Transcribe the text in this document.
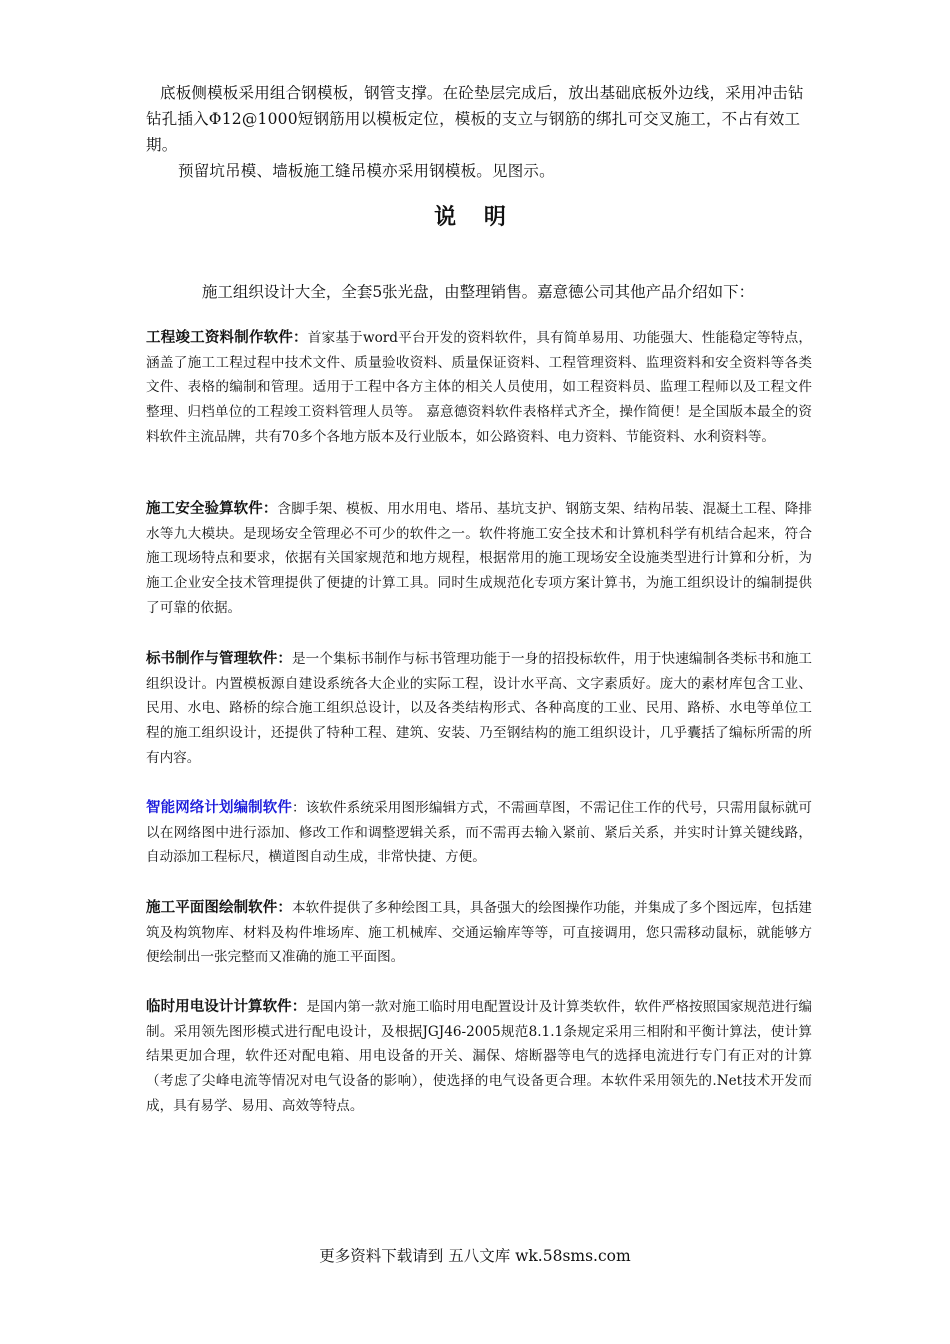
底板侧模板采用组合钢模板，钢管支撑。在砼垫层完成后，放出基础底板外边线，采用冲击钻钻孔插入Φ12@1000短钢筋用以模板定位，模板的支立与钢筋的绑扎可交叉施工，不占有效工期。

预留坑吊模、墙板施工缝吊模亦采用钢模板。见图示。

说 明
施工组织设计大全，全套5张光盘，由整理销售。嘉意德公司其他产品介绍如下：
工程竣工资料制作软件：首家基于word平台开发的资料软件，具有简单易用、功能强大、性能稳定等特点，涵盖了施工工程过程中技术文件、质量验收资料、质量保证资料、工程管理资料、监理资料和安全资料等各类文件、表格的编制和管理。适用于工程中各方主体的相关人员使用，如工程资料员、监理工程师以及工程文件整理、归档单位的工程竣工资料管理人员等。 嘉意德资料软件表格样式齐全，操作简便！是全国版本最全的资料软件主流品牌，共有70多个各地方版本及行业版本，如公路资料、电力资料、节能资料、水利资料等。
施工安全验算软件：含脚手架、模板、用水用电、塔吊、基坑支护、钢筋支架、结构吊装、混凝土工程、降排水等九大模块。是现场安全管理必不可少的软件之一。软件将施工安全技术和计算机科学有机结合起来，符合施工现场特点和要求，依据有关国家规范和地方规程，根据常用的施工现场安全设施类型进行计算和分析，为施工企业安全技术管理提供了便捷的计算工具。同时生成规范化专项方案计算书，为施工组织设计的编制提供了可靠的依据。
标书制作与管理软件：是一个集标书制作与标书管理功能于一身的招投标软件，用于快速编制各类标书和施工组织设计。内置模板源自建设系统各大企业的实际工程，设计水平高、文字素质好。庞大的素材库包含工业、民用、水电、路桥的综合施工组织总设计，以及各类结构形式、各种高度的工业、民用、路桥、水电等单位工程的施工组织设计，还提供了特种工程、建筑、安装、乃至钢结构的施工组织设计，几乎囊括了编标所需的所有内容。
智能网络计划编制软件：该软件系统采用图形编辑方式，不需画草图，不需记住工作的代号，只需用鼠标就可以在网络图中进行添加、修改工作和调整逻辑关系，而不需再去输入紧前、紧后关系，并实时计算关键线路，自动添加工程标尺，横道图自动生成，非常快捷、方便。
施工平面图绘制软件：本软件提供了多种绘图工具，具备强大的绘图操作功能，并集成了多个图远库，包括建筑及构筑物库、材料及构件堆场库、施工机械库、交通运输库等等，可直接调用，您只需移动鼠标，就能够方便绘制出一张完整而又准确的施工平面图。
临时用电设计计算软件：是国内第一款对施工临时用电配置设计及计算类软件，软件严格按照国家规范进行编制。采用领先图形模式进行配电设计，及根据JGJ46-2005规范8.1.1条规定采用三相附和平衡计算法，使计算结果更加合理，软件还对配电箱、用电设备的开关、漏保、熔断器等电气的选择电流进行专门有正对的计算（考虑了尖峰电流等情况对电气设备的影响），使选择的电气设备更合理。本软件采用领先的.Net技术开发而成，具有易学、易用、高效等特点。
更多资料下载请到 五八文库 wk.58sms.com
